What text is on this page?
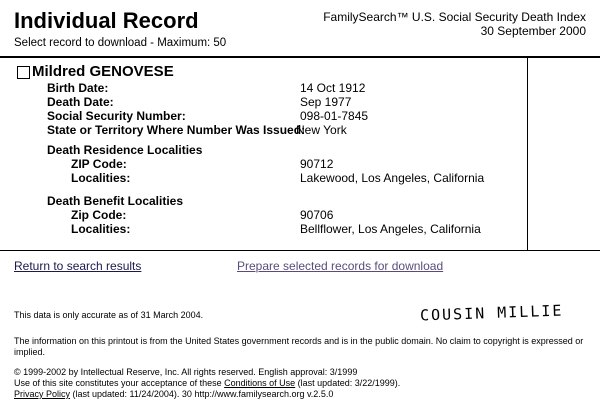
Individual Record
Select record to download - Maximum: 50
FamilySearch™ U.S. Social Security Death Index
30 September 2000
Mildred GENOVESE
Birth Date:	14 Oct 1912
Death Date:	Sep 1977
Social Security Number:	098-01-7845
State or Territory Where Number Was Issued:
New York
Death Residence Localities
ZIP Code:	90712
Localities:	Lakewood, Los Angeles, California
Death Benefit Localities
Zip Code:	90706
Localities:	Bellflower, Los Angeles, California
Return to search results	Prepare selected records for download
This data is only accurate as of 31 March 2004.	COUSIN MILLIE
The information on this printout is from the United States government records and is in the public domain. No claim to copyright is expressed or
implied.
© 1999-2002 by Intellectual Reserve, Inc. All rights reserved. English approval: 3/1999
Use of this site constitutes your acceptance of these Conditions of Use (last updated: 3/22/1999).
Privacy Policy (last updated: 11/24/2004). 30 http://www.familysearch.org v.2.5.0
